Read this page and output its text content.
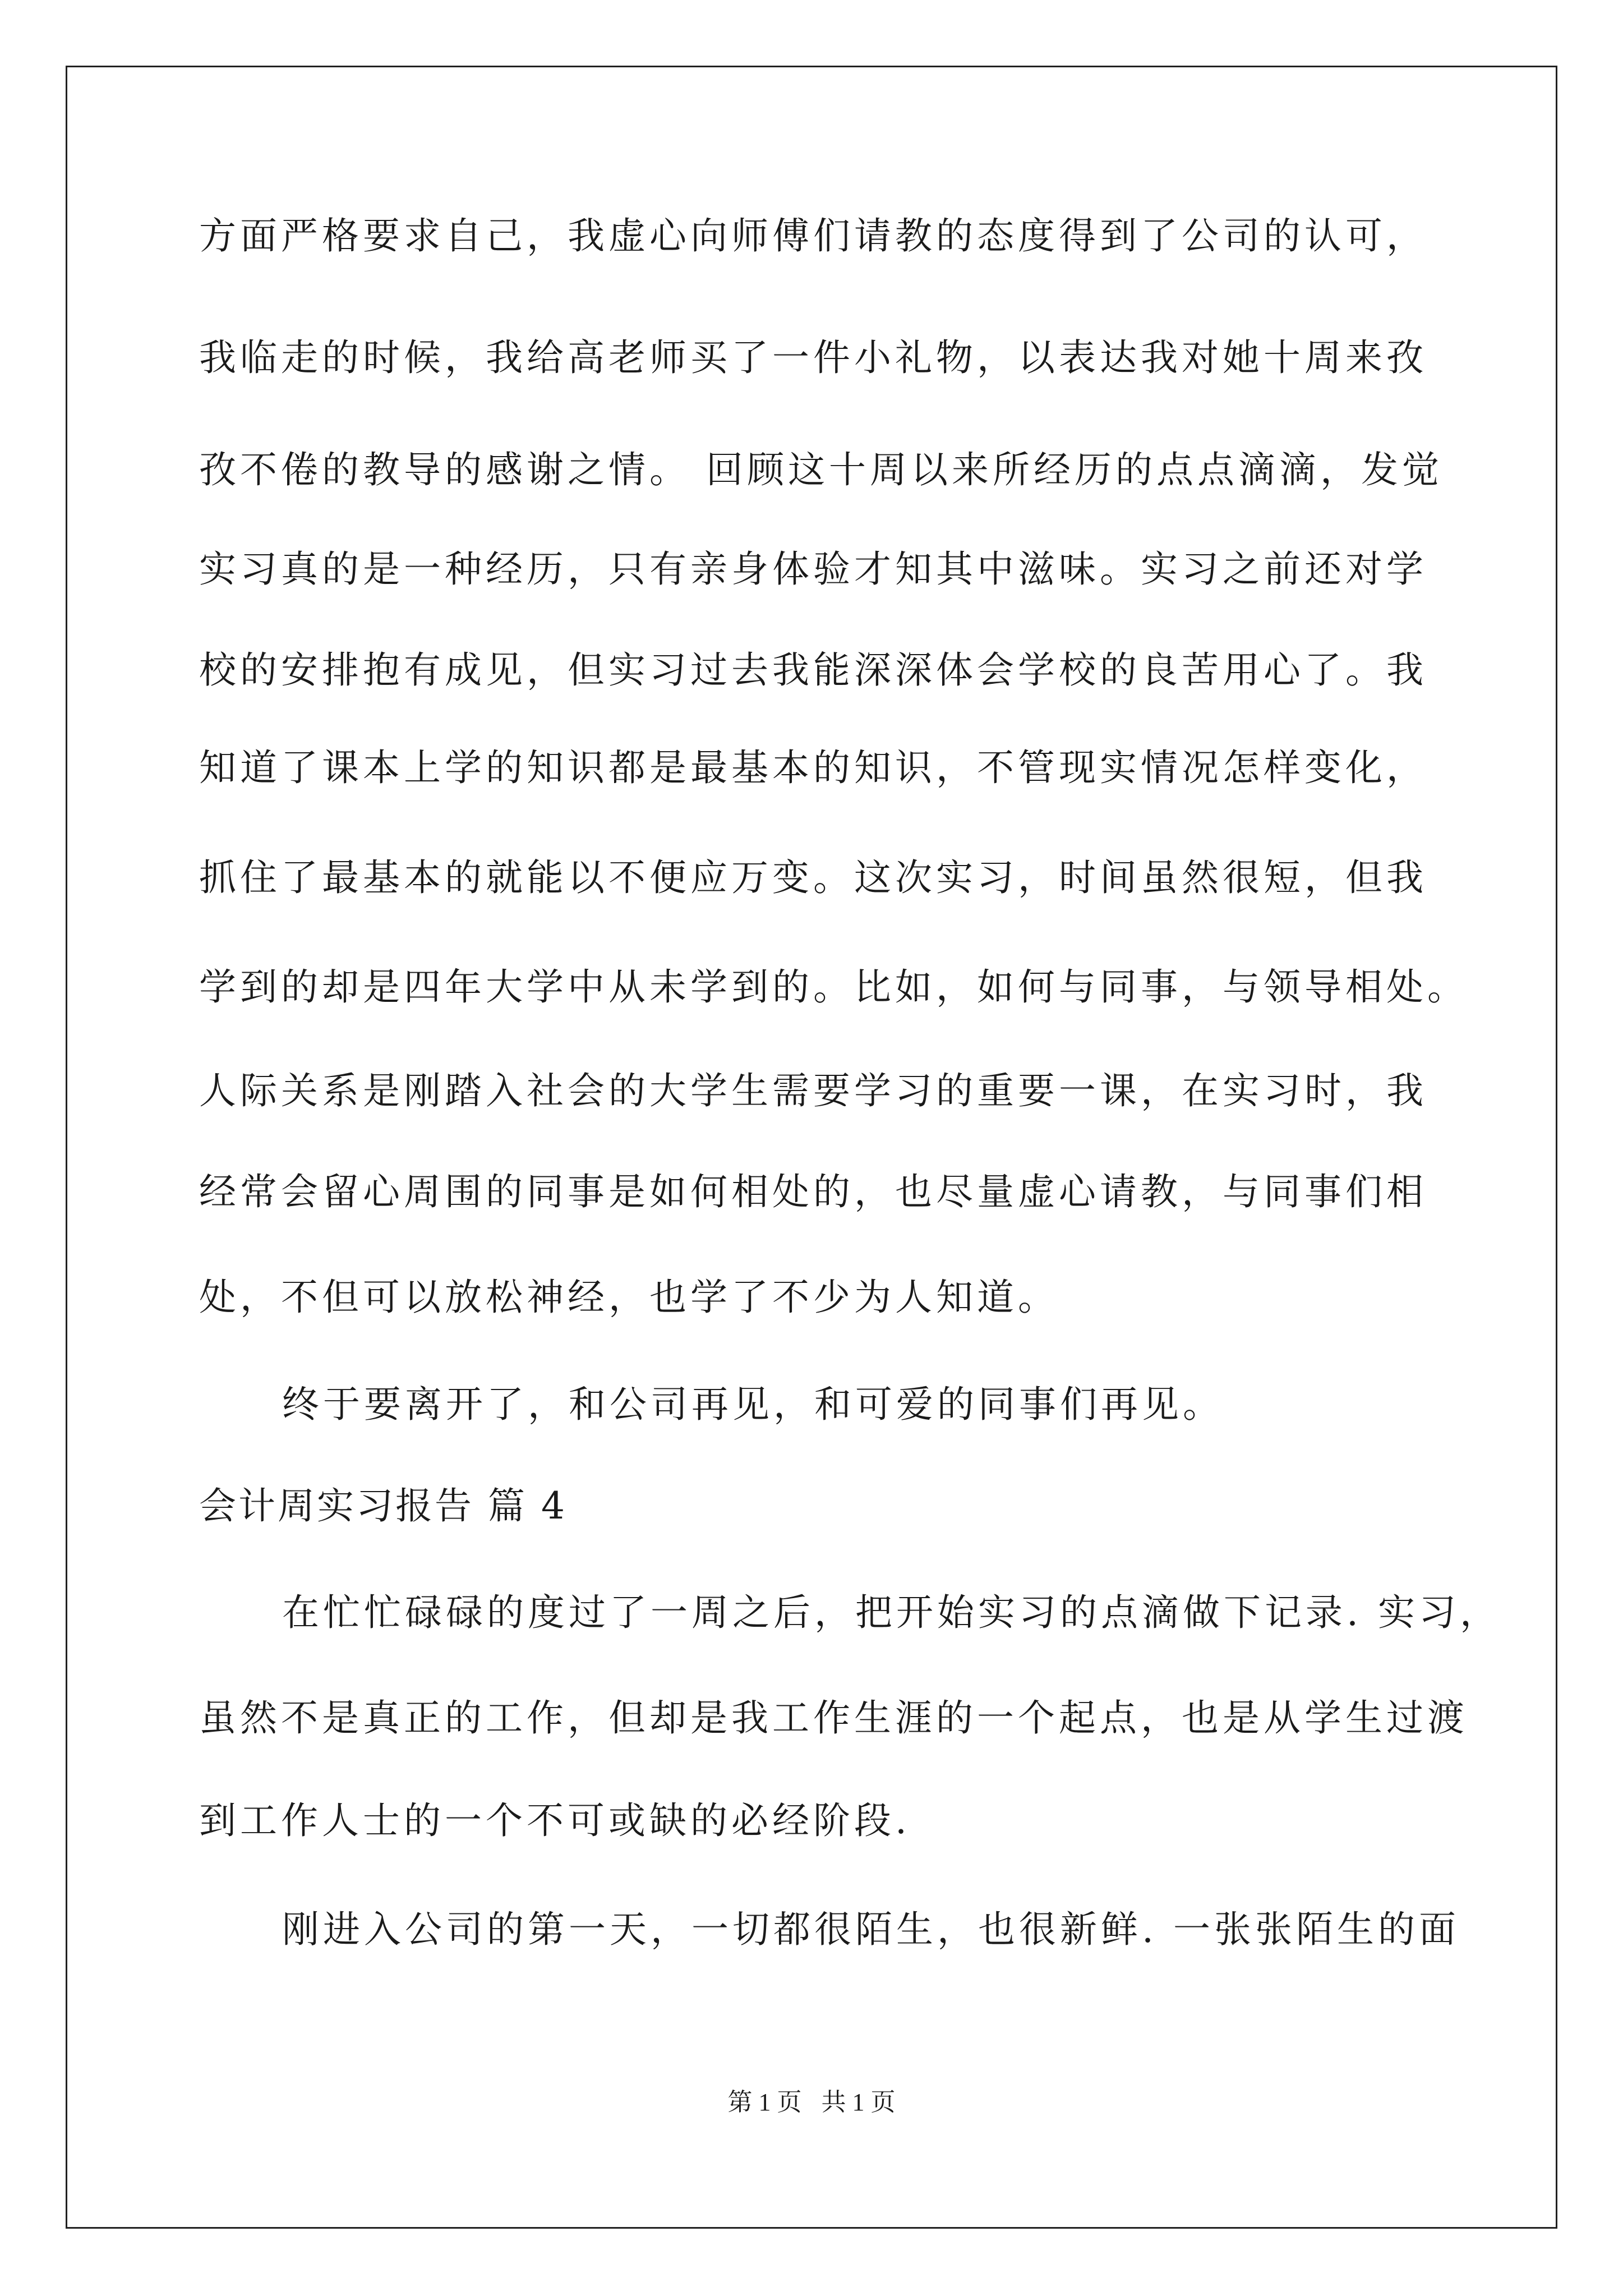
方面严格要求自己，我虚心向师傅们请教的态度得到了公司的认可，
我临走的时候，我给高老师买了一件小礼物，以表达我对她十周来孜
孜不倦的教导的感谢之情。 回顾这十周以来所经历的点点滴滴，发觉
实习真的是一种经历，只有亲身体验才知其中滋味。实习之前还对学
校的安排抱有成见，但实习过去我能深深体会学校的良苦用心了。我
知道了课本上学的知识都是最基本的知识，不管现实情况怎样变化，
抓住了最基本的就能以不便应万变。这次实习，时间虽然很短，但我
学到的却是四年大学中从未学到的。比如，如何与同事，与领导相处。
人际关系是刚踏入社会的大学生需要学习的重要一课，在实习时，我
经常会留心周围的同事是如何相处的，也尽量虚心请教，与同事们相
处，不但可以放松神经，也学了不少为人知道。
终于要离开了，和公司再见，和可爱的同事们再见。
会计周实习报告 篇 4
在忙忙碌碌的度过了一周之后，把开始实习的点滴做下记录. 实习，
虽然不是真正的工作，但却是我工作生涯的一个起点，也是从学生过渡
到工作人士的一个不可或缺的必经阶段.
刚进入公司的第一天，一切都很陌生，也很新鲜. 一张张陌生的面
第 1 页 共 1 页
